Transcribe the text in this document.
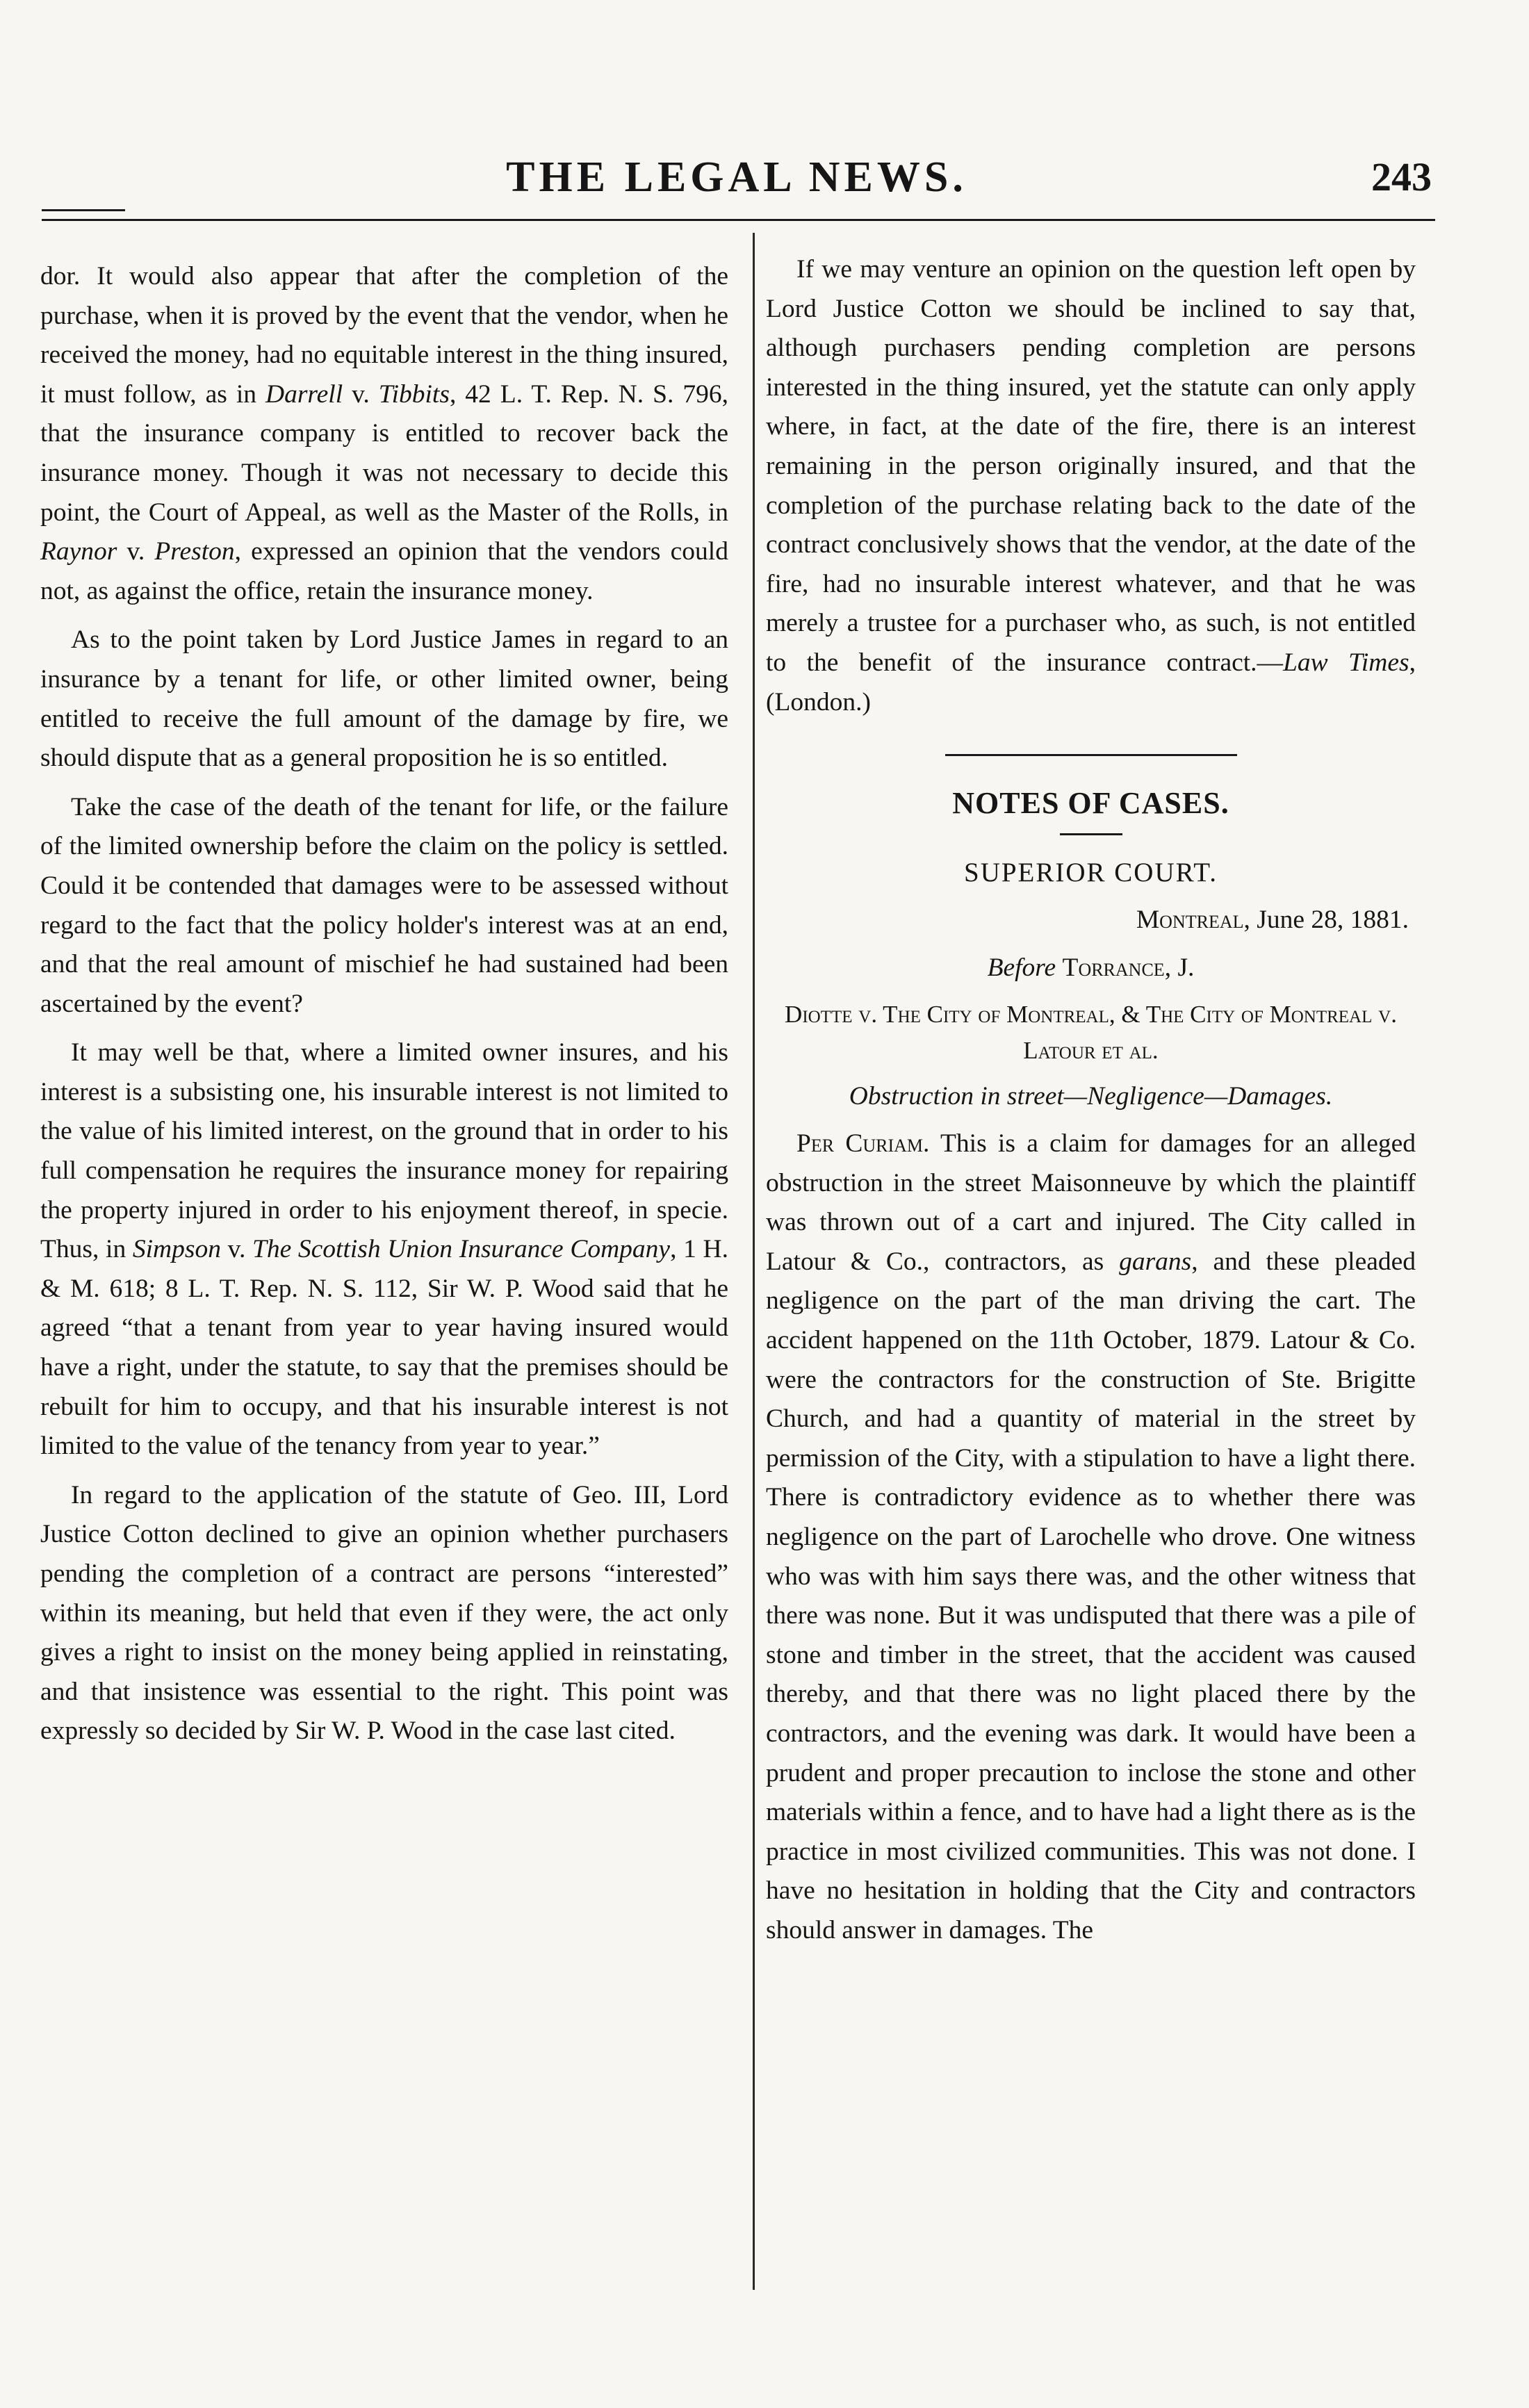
THE LEGAL NEWS.	243

dor. It would also appear that after the completion of the purchase, when it is proved by the event that the vendor, when he received the money, had no equitable interest in the thing insured, it must follow, as in Darrell v. Tibbits, 42 L. T. Rep. N. S. 796, that the insurance company is entitled to recover back the insurance money. Though it was not necessary to decide this point, the Court of Appeal, as well as the Master of the Rolls, in Raynor v. Preston, expressed an opinion that the vendors could not, as against the office, retain the insurance money.

As to the point taken by Lord Justice James in regard to an insurance by a tenant for life, or other limited owner, being entitled to receive the full amount of the damage by fire, we should dispute that as a general proposition he is so entitled.

Take the case of the death of the tenant for life, or the failure of the limited ownership before the claim on the policy is settled. Could it be contended that damages were to be assessed without regard to the fact that the policy holder's interest was at an end, and that the real amount of mischief he had sustained had been ascertained by the event?

It may well be that, where a limited owner insures, and his interest is a subsisting one, his insurable interest is not limited to the value of his limited interest, on the ground that in order to his full compensation he requires the insurance money for repairing the property injured in order to his enjoyment thereof, in specie. Thus, in Simpson v. The Scottish Union Insurance Company, 1 H. & M. 618; 8 L. T. Rep. N. S. 112, Sir W. P. Wood said that he agreed “that a tenant from year to year having insured would have a right, under the statute, to say that the premises should be rebuilt for him to occupy, and that his insurable interest is not limited to the value of the tenancy from year to year.”

In regard to the application of the statute of Geo. III, Lord Justice Cotton declined to give an opinion whether purchasers pending the completion of a contract are persons “interested” within its meaning, but held that even if they were, the act only gives a right to insist on the money being applied in reinstating, and that insistence was essential to the right. This point was expressly so decided by Sir W. P. Wood in the case last cited.

If we may venture an opinion on the question left open by Lord Justice Cotton we should be inclined to say that, although purchasers pending completion are persons interested in the thing insured, yet the statute can only apply where, in fact, at the date of the fire, there is an interest remaining in the person originally insured, and that the completion of the purchase relating back to the date of the contract conclusively shows that the vendor, at the date of the fire, had no insurable interest whatever, and that he was merely a trustee for a purchaser who, as such, is not entitled to the benefit of the insurance contract.—Law Times, (London.)

NOTES OF CASES.
SUPERIOR COURT.
Montreal, June 28, 1881.
Before Torrance, J.
Diotte v. The City of Montreal, & The City of Montreal v. Latour et al.
Obstruction in street—Negligence—Damages.

Per Curiam. This is a claim for damages for an alleged obstruction in the street Maisonneuve by which the plaintiff was thrown out of a cart and injured. The City called in Latour & Co., contractors, as garans, and these pleaded negligence on the part of the man driving the cart. The accident happened on the 11th October, 1879. Latour & Co. were the contractors for the construction of Ste. Brigitte Church, and had a quantity of material in the street by permission of the City, with a stipulation to have a light there. There is contradictory evidence as to whether there was negligence on the part of Larochelle who drove. One witness who was with him says there was, and the other witness that there was none. But it was undisputed that there was a pile of stone and timber in the street, that the accident was caused thereby, and that there was no light placed there by the contractors, and the evening was dark. It would have been a prudent and proper precaution to inclose the stone and other materials within a fence, and to have had a light there as is the practice in most civilized communities. This was not done. I have no hesitation in holding that the City and contractors should answer in damages. The
